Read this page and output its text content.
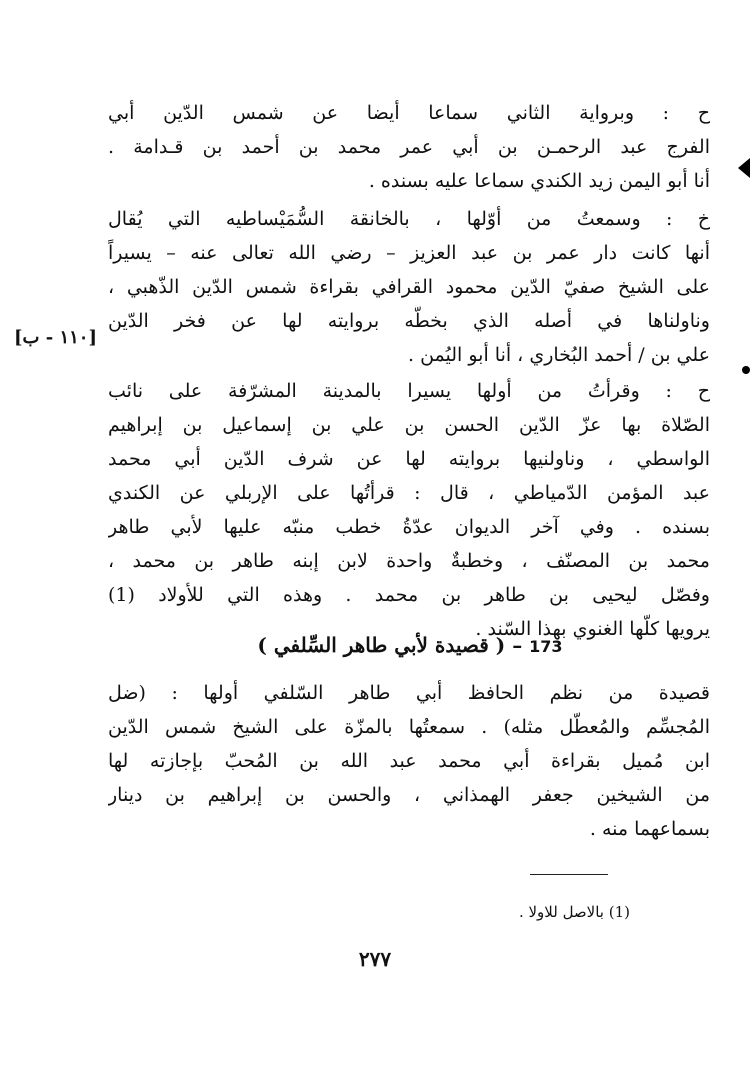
ح : وبرواية الثاني سماعا أيضا عن شمس الدّين أبي
الفرج عبد الرحمـن بن أبي عمر محمد بن أحمد بن قـدامة .
أنا أبو اليمن زيد الكندي سماعا عليه بسنده .
خ : وسمعتُ من أوّلها ، بالخانقة السُّمَيْساطيه التي يُقال
أنها كانت دار عمر بن عبد العزيز – رضي الله تعالى عنه – يسيراً
على الشيخ صفيّ الدّين محمود القرافي بقراءة شمس الدّين الذّهبي ،
وناولناها في أصله الذي بخطّه بروايته لها عن فخر الدّين
علي بن / أحمد البُخاري ، أنا أبو اليُمن .
[١١٠ - ب]
ح : وقرأتُ من أولها يسيرا بالمدينة المشرّفة على نائب
الصّلاة بها عزّ الدّين الحسن بن علي بن إسماعيل بن إبراهيم
الواسطي ، وناولنيها بروايته لها عن شرف الدّين أبي محمد
عبد المؤمن الدّمياطي ، قال : قرأتُها على الإربلي عن الكندي
بسنده . وفي آخر الديوان عدّةُ خطب منبّه عليها لأبي طاهر
محمد بن المصنّف ، وخطبةٌ واحدة لابن إبنه طاهر بن محمد ،
وفصّل ليحيى بن طاهر بن محمد . وهذه التي للأولاد (1)
يرويها كلّها الغنوي بهذا السّند .
173 – ( قصيدة لأبي طاهر السِّلفي )
قصيدة من نظم الحافظ أبي طاهر السّلفي أولها : (ضل
المُجسِّم والمُعطّل مثله) . سمعتُها بالمزّة على الشيخ شمس الدّين
ابن مُميل بقراءة أبي محمد عبد الله بن المُحبّ بإجازته لها
من الشيخين جعفر الهمذاني ، والحسن بن إبراهيم بن دينار
بسماعهما منه .
(1) بالاصل للاولا .
٢٧٧
